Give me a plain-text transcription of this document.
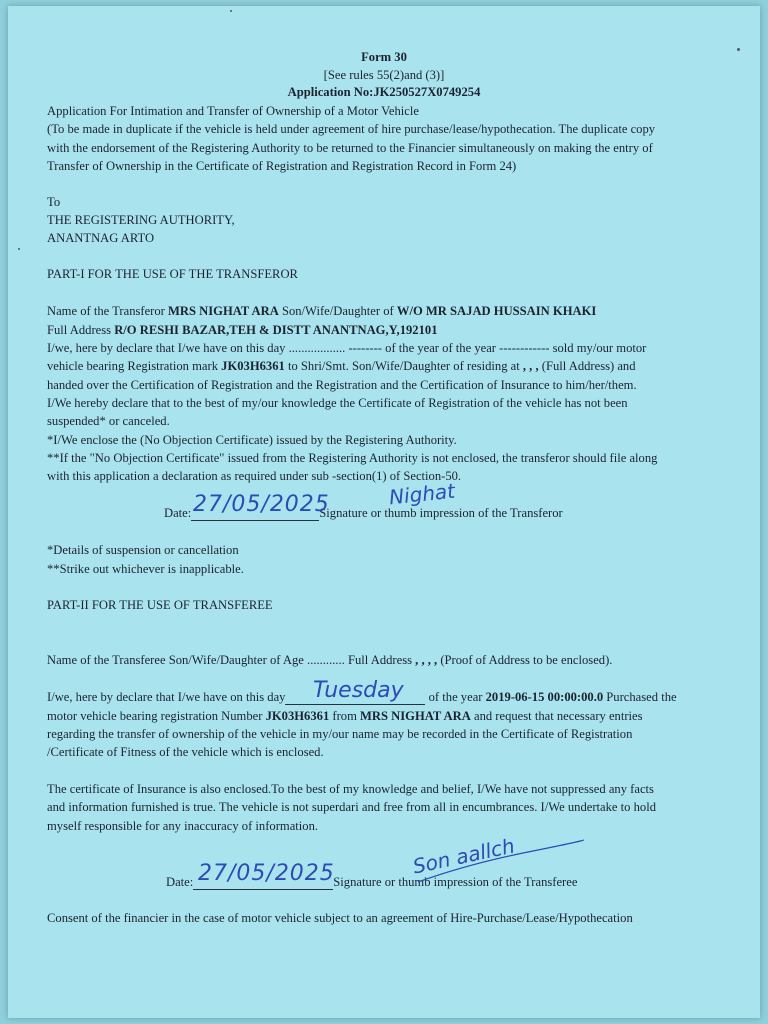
Form 30
[See rules 55(2)and (3)]
Application No:JK250527X0749254
Application For Intimation and Transfer of Ownership of a Motor Vehicle
(To be made in duplicate if the vehicle is held under agreement of hire purchase/lease/hypothecation. The duplicate copy
with the endorsement of the Registering Authority to be returned to the Financier simultaneously on making the entry of
Transfer of Ownership in the Certificate of Registration and Registration Record in Form 24)
To
THE REGISTERING AUTHORITY,
ANANTNAG ARTO
PART-I FOR THE USE OF THE TRANSFEROR
Name of the Transferor MRS NIGHAT ARA Son/Wife/Daughter of W/O MR SAJAD HUSSAIN KHAKI
Full Address R/O RESHI BAZAR,TEH & DISTT ANANTNAG,Y,192101
I/we, here by declare that I/we have on this day .................. -------- of the year of the year ------------ sold my/our motor
vehicle bearing Registration mark JK03H6361 to Shri/Smt. Son/Wife/Daughter of residing at , , , (Full Address) and
handed over the Certification of Registration and the Registration and the Certification of Insurance to him/her/them.
I/We hereby declare that to the best of my/our knowledge the Certificate of Registration of the vehicle has not been
suspended* or canceled.
*I/We enclose the (No Objection Certificate) issued by the Registering Authority.
**If the "No Objection Certificate" issued from the Registering Authority is not enclosed, the transferor should file along
with this application a declaration as required under sub -section(1) of Section-50.
Date:	Signature or thumb impression of the Transferor
27/05/2025	Nighat
*Details of suspension or cancellation
**Strike out whichever is inapplicable.
PART-II FOR THE USE OF TRANSFEREE
Name of the Transferee Son/Wife/Daughter of Age ............ Full Address , , , , (Proof of Address to be enclosed).
I/we, here by declare that I/we have on this day	of the year 2019-06-15 00:00:00.0 Purchased the
Tuesday
motor vehicle bearing registration Number JK03H6361 from MRS NIGHAT ARA and request that necessary entries
regarding the transfer of ownership of the vehicle in my/our name may be recorded in the Certificate of Registration
/Certificate of Fitness of the vehicle which is enclosed.
The certificate of Insurance is also enclosed.To the best of my knowledge and belief, I/We have not suppressed any facts
and information furnished is true. The vehicle is not superdari and free from all in encumbrances. I/We undertake to hold
myself responsible for any inaccuracy of information.
Date:	Signature or thumb impression of the Transferee
27/05/2025	Son aallch
Consent of the financier in the case of motor vehicle subject to an agreement of Hire-Purchase/Lease/Hypothecation
